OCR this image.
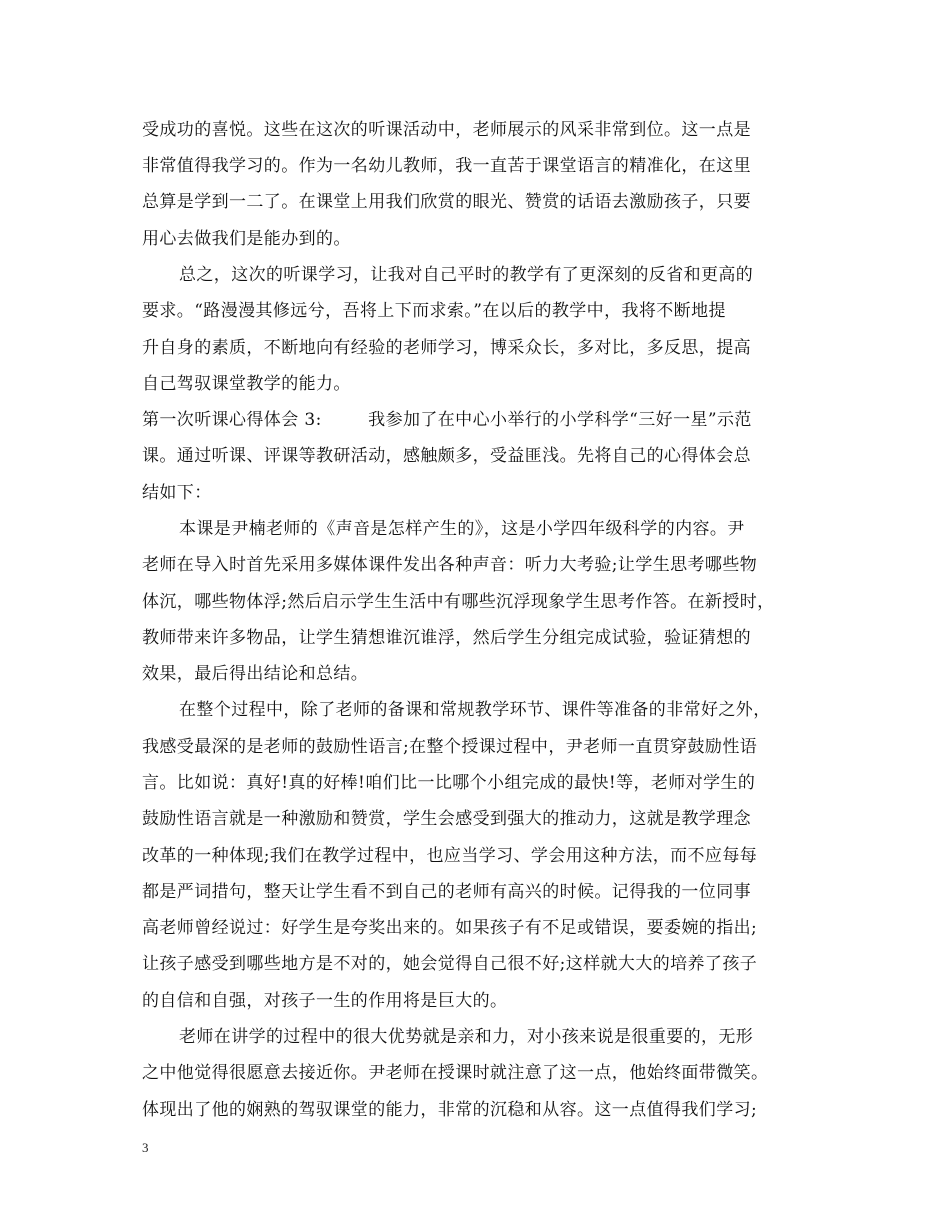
受成功的喜悦。这些在这次的听课活动中，老师展示的风采非常到位。这一点是
非常值得我学习的。作为一名幼儿教师，我一直苦于课堂语言的精准化，在这里
总算是学到一二了。在课堂上用我们欣赏的眼光、赞赏的话语去激励孩子，只要
用心去做我们是能办到的。
总之，这次的听课学习，让我对自己平时的教学有了更深刻的反省和更高的
要求。“路漫漫其修远兮，吾将上下而求索。”在以后的教学中，我将不断地提
升自身的素质，不断地向有经验的老师学习，博采众长，多对比，多反思，提高
自己驾驭课堂教学的能力。
第一次听课心得体会 3:        我参加了在中心小举行的小学科学“三好一星”示范
课。通过听课、评课等教研活动，感触颇多，受益匪浅。先将自己的心得体会总
结如下：
本课是尹楠老师的《声音是怎样产生的》，这是小学四年级科学的内容。尹
老师在导入时首先采用多媒体课件发出各种声音：听力大考验;让学生思考哪些物
体沉，哪些物体浮;然后启示学生生活中有哪些沉浮现象学生思考作答。在新授时，
教师带来许多物品，让学生猜想谁沉谁浮，然后学生分组完成试验，验证猜想的
效果，最后得出结论和总结。
在整个过程中，除了老师的备课和常规教学环节、课件等准备的非常好之外，
我感受最深的是老师的鼓励性语言;在整个授课过程中，尹老师一直贯穿鼓励性语
言。比如说：真好!真的好棒!咱们比一比哪个小组完成的最快!等，老师对学生的
鼓励性语言就是一种激励和赞赏，学生会感受到强大的推动力，这就是教学理念
改革的一种体现;我们在教学过程中，也应当学习、学会用这种方法，而不应每每
都是严词措句，整天让学生看不到自己的老师有高兴的时候。记得我的一位同事
高老师曾经说过：好学生是夸奖出来的。如果孩子有不足或错误，要委婉的指出;
让孩子感受到哪些地方是不对的，她会觉得自己很不好;这样就大大的培养了孩子
的自信和自强，对孩子一生的作用将是巨大的。
老师在讲学的过程中的很大优势就是亲和力，对小孩来说是很重要的，无形
之中他觉得很愿意去接近你。尹老师在授课时就注意了这一点，他始终面带微笑。
体现出了他的娴熟的驾驭课堂的能力，非常的沉稳和从容。这一点值得我们学习;
3
